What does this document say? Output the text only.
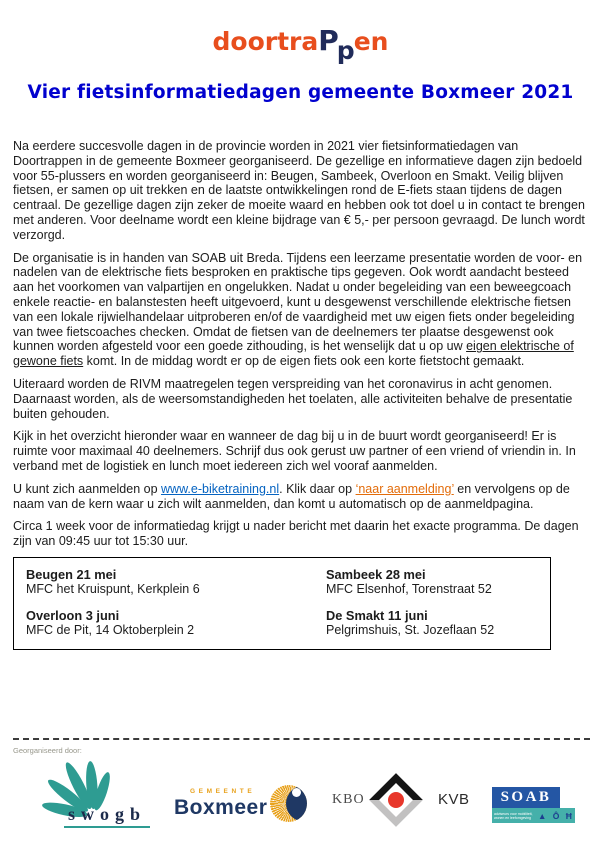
doortraPpen
Vier fietsinformatiedagen gemeente Boxmeer 2021

Na eerdere succesvolle dagen in de provincie worden in 2021 vier fietsinformatiedagen van Doortrappen in de gemeente Boxmeer georganiseerd. De gezellige en informatieve dagen zijn bedoeld voor 55-plussers en worden georganiseerd in: Beugen, Sambeek, Overloon en Smakt. Veilig blijven fietsen, er samen op uit trekken en de laatste ontwikkelingen rond de E-fiets staan tijdens de dagen centraal. De gezellige dagen zijn zeker de moeite waard en hebben ook tot doel u in contact te brengen met anderen. Voor deelname wordt een kleine bijdrage van € 5,- per persoon gevraagd. De lunch wordt verzorgd.

De organisatie is in handen van SOAB uit Breda. Tijdens een leerzame presentatie worden de voor- en nadelen van de elektrische fiets besproken en praktische tips gegeven. Ook wordt aandacht besteed aan het voorkomen van valpartijen en ongelukken. Nadat u onder begeleiding van een beweegcoach enkele reactie- en balanstesten heeft uitgevoerd, kunt u desgewenst verschillende elektrische fietsen van een lokale rijwielhandelaar uitproberen en/of de vaardigheid met uw eigen fiets onder begeleiding van twee fietscoaches checken. Omdat de fietsen van de deelnemers ter plaatse desgewenst ook kunnen worden afgesteld voor een goede zithouding, is het wenselijk dat u op uw eigen elektrische of gewone fiets komt. In de middag wordt er op de eigen fiets ook een korte fietstocht gemaakt.

Uiteraard worden de RIVM maatregelen tegen verspreiding van het coronavirus in acht genomen. Daarnaast worden, als de weersomstandigheden het toelaten, alle activiteiten behalve de presentatie buiten gehouden.

Kijk in het overzicht hieronder waar en wanneer de dag bij u in de buurt wordt georganiseerd! Er is ruimte voor maximaal 40 deelnemers. Schrijf dus ook gerust uw partner of een vriend of vriendin in. In verband met de logistiek en lunch moet iedereen zich wel vooraf aanmelden.

U kunt zich aanmelden op www.e-biketraining.nl. Klik daar op ‘naar aanmelding’ en vervolgens op de naam van de kern waar u zich wilt aanmelden, dan komt u automatisch op de aanmeldpagina.

Circa 1 week voor de informatiedag krijgt u nader bericht met daarin het exacte programma. De dagen zijn van 09:45 uur tot 15:30 uur.

Beugen 21 mei
MFC het Kruispunt, Kerkplein 6
Sambeek 28 mei
MFC Elsenhof, Torenstraat 52
Overloon 3 juni
MFC de Pit, 14 Oktoberplein 2
De Smakt 11 juni
Pelgrimshuis, St. Jozeflaan 52
Georganiseerd door:
swogb
GEMEENTE
Boxmeer	KBO	KVB	SOAB
adviseurs voor mobiliteit,
wonen en leefomgeving ▲ Ô Ħ
